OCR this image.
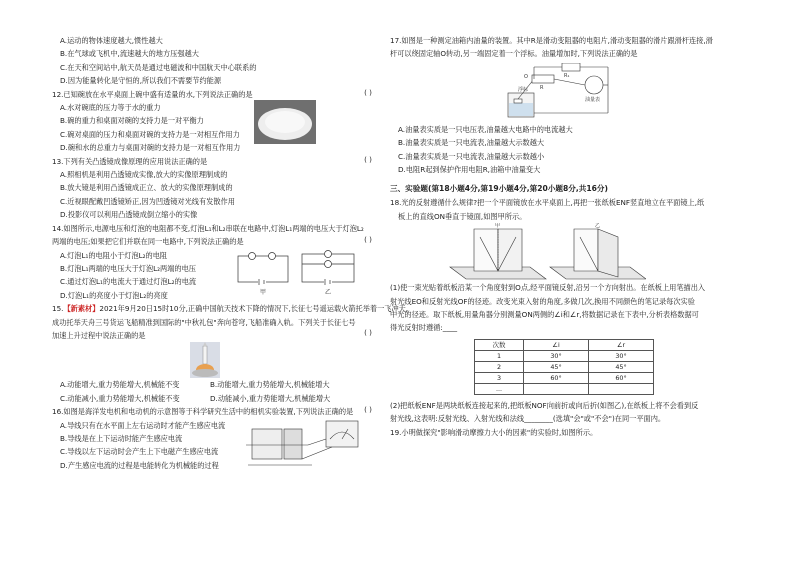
A.运动的物体速度越大,惯性越大
B.在气球或飞机中,流速越大的地方压强越大
C.在天和空间站中,航天员是通过电磁波和中国航天中心联系的
D.因为能量转化是守恒的,所以我们不需要节约能源
12.已知碗放在水平桌面上碗中盛有适量的水,下列说法正确的是	( )
A.水对碗底的压力等于水的重力
B.碗的重力和桌面对碗的支持力是一对平衡力
C.碗对桌面的压力和桌面对碗的支持力是一对相互作用力
D.碗和水的总重力与桌面对碗的支持力是一对相互作用力
13.下列有关凸透镜成像原理的应用说法正确的是	( )
A.照相机是利用凸透镜成实像,放大的实像原理制成的
B.放大镜是利用凸透镜成正立、放大的实像原理制成的
C.近视眼配戴凹透镜矫正,因为凹透镜对光线有发散作用
D.投影仪可以利用凸透镜成倒立缩小的实像
14.如图所示,电源电压和灯泡的电阻都不变,灯泡L₁和L₂串联在电路中,灯泡L₁两端的电压大于灯泡L₂
两端的电压;如果把它们并联在同一电路中,下列说法正确的是	( )
A.灯泡L₁的电阻小于灯泡L₂的电阻
B.灯泡L₁两端的电压大于灯泡L₂两端的电压
C.通过灯泡L₁的电流大于通过灯泡L₂的电流
D.灯泡L₁的亮度小于灯泡L₂的亮度	甲	乙
15.【新素材】2021年9月20日15时10分,正确中国航天技术下降的情况下,长征七号遥运载火箭托举着一飞冲天,
成功托举天舟三号货运飞船精准到国际的"中秋礼包"奔向苍穹,飞船准确入轨。下列关于长征七号
加速上升过程中说法正确的是	( )
A.动能增大,重力势能增大,机械能不变	B.动能增大,重力势能增大,机械能增大
C.动能减小,重力势能增大,机械能不变	D.动能减小,重力势能增大,机械能增大
16.如图是海洋发电机和电动机的示意图等于科学研究生活中的相机实验装置,下列说法正确的是	( )
A.导线只有在水平面上左右运动时才能产生感应电流
B.导线是在上下运动时能产生感应电流
C.导线以左下运动时会产生上下电磁产生感应电流
D.产生感应电流的过程是电能转化为机械能的过程
17.如图是一种测定油箱内油量的装置。其中R是滑动变阻器的电阻片,滑动变阻器的滑片跟滑杆连接,滑
杆可以绕固定轴O转动,另一端固定着一个浮标。油量增加时,下列说法正确的是
R₁
R
油量表
浮标
O
A.油量表实质是一只电压表,油量越大电路中的电流越大
B.油量表实质是一只电流表,油量越大示数越大
C.油量表实质是一只电流表,油量越大示数越小
D.电阻R起到保护作用电阻R,油箱中油量变大
三、实验题(第18小题4分,第19小题4分,第20小题8分,共16分)
18.光的反射遵循什么规律?把一个平面镜放在水平桌面上,再把一张纸板ENF竖直地立在平面镜上,纸
板上的直线ON垂直于镜面,如图甲所示。
甲	乙
(1)使一束光贴着纸板沿某一个角度射到O点,经平面镜反射,沿另一个方向射出。在纸板上用笔描出入
射光线EO和反射光线OF的径迹。改变光束入射的角度,多做几次,换用不同颜色的笔记录每次实验
中光的径迹。取下纸板,用量角器分别测量ON两侧的∠i和∠r,将数据记录在下表中,分析表格数据可
得光反射时遵循:____
次数	∠i	∠r
1	30°	30°
2	45°	45°
3	60°	60°
...		
(2)把纸板ENF是两块纸板连接起来的,把纸板NOF向前折或向后折(如图乙),在纸板上将不会看到反
射光线,这表明:反射光线、入射光线和法线________(选填"会"或"不会")在同一平面内。
19.小明做探究"影响滑动摩擦力大小的因素"的实验时,如图所示。
